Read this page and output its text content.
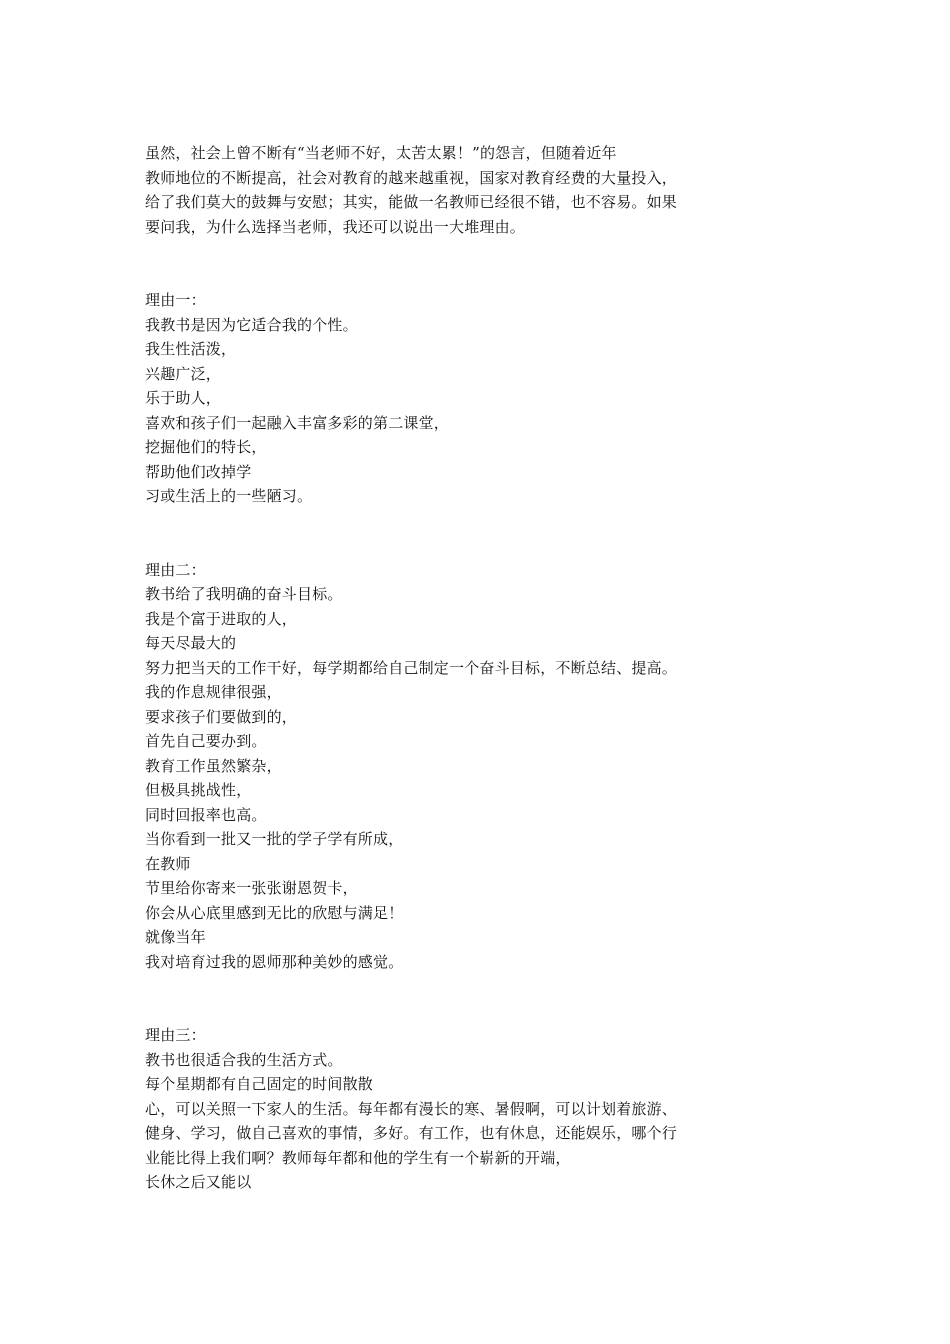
虽然，社会上曾不断有“当老师不好，太苦太累！”的怨言，但随着近年
教师地位的不断提高，社会对教育的越来越重视，国家对教育经费的大量投入，
给了我们莫大的鼓舞与安慰；其实，能做一名教师已经很不错，也不容易。如果
要问我，为什么选择当老师，我还可以说出一大堆理由。
理由一：
我教书是因为它适合我的个性。
我生性活泼，
兴趣广泛，
乐于助人，
喜欢和孩子们一起融入丰富多彩的第二课堂，
挖掘他们的特长，
帮助他们改掉学
习或生活上的一些陋习。
理由二：
教书给了我明确的奋斗目标。
我是个富于进取的人，
每天尽最大的
努力把当天的工作干好，每学期都给自己制定一个奋斗目标，不断总结、提高。
我的作息规律很强，
要求孩子们要做到的，
首先自己要办到。
教育工作虽然繁杂，
但极具挑战性，
同时回报率也高。
当你看到一批又一批的学子学有所成，
在教师
节里给你寄来一张张谢恩贺卡，
你会从心底里感到无比的欣慰与满足！
就像当年
我对培育过我的恩师那种美妙的感觉。
理由三：
教书也很适合我的生活方式。
每个星期都有自己固定的时间散散
心，可以关照一下家人的生活。每年都有漫长的寒、暑假啊，可以计划着旅游、
健身、学习，做自己喜欢的事情，多好。有工作，也有休息，还能娱乐，哪个行
业能比得上我们啊？教师每年都和他的学生有一个崭新的开端，
长休之后又能以
